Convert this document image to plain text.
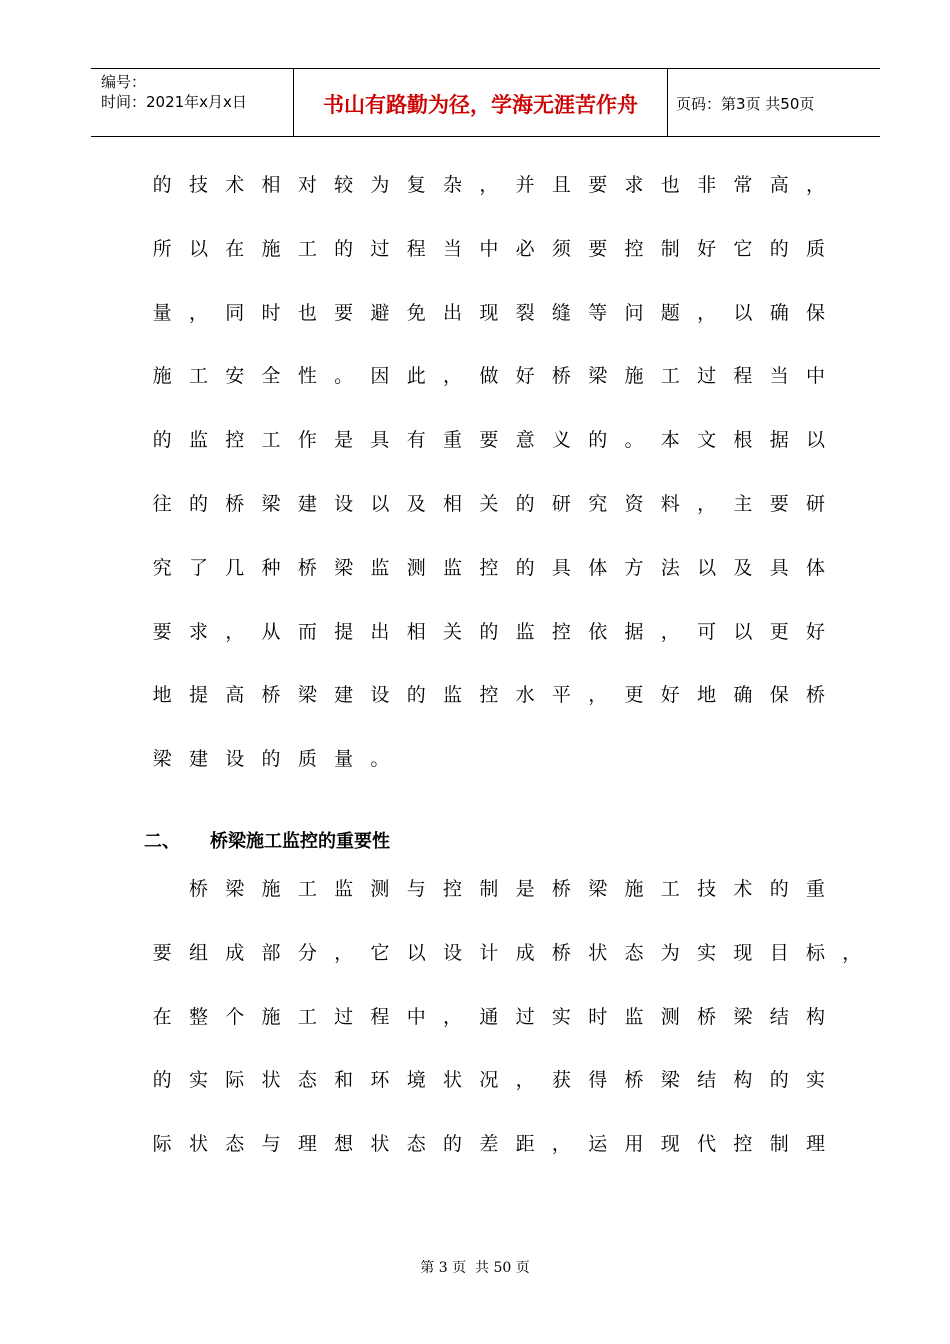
编号：
时间：2021年x月x日	书山有路勤为径，学海无涯苦作舟	页码：第3页 共50页
的 技 术 相 对 较 为 复 杂 ， 并 且 要 求 也 非 常 高 ，
所 以 在 施 工 的 过 程 当 中 必 须 要 控 制 好 它 的 质
量 ， 同 时 也 要 避 免 出 现 裂 缝 等 问 题 ， 以 确 保
施 工 安 全 性 。 因 此 ， 做 好 桥 梁 施 工 过 程 当 中
的 监 控 工 作 是 具 有 重 要 意 义 的 。 本 文 根 据 以
往 的 桥 梁 建 设 以 及 相 关 的 研 究 资 料 ， 主 要 研
究 了 几 种 桥 梁 监 测 监 控 的 具 体 方 法 以 及 具 体
要 求 ， 从 而 提 出 相 关 的 监 控 依 据 ， 可 以 更 好
地 提 高 桥 梁 建 设 的 监 控 水 平 ， 更 好 地 确 保 桥
梁 建 设 的 质 量 。
　桥 梁 施 工 监 测 与 控 制 是 桥 梁 施 工 技 术 的 重
要 组 成 部 分 ， 它 以 设 计 成 桥 状 态 为 实 现 目 标 ，
在 整 个 施 工 过 程 中 ， 通 过 实 时 监 测 桥 梁 结 构
的 实 际 状 态 和 环 境 状 况 ， 获 得 桥 梁 结 构 的 实
际 状 态 与 理 想 状 态 的 差 距 ， 运 用 现 代 控 制 理
二、 桥梁施工监控的重要性
第 3 页  共 50 页
